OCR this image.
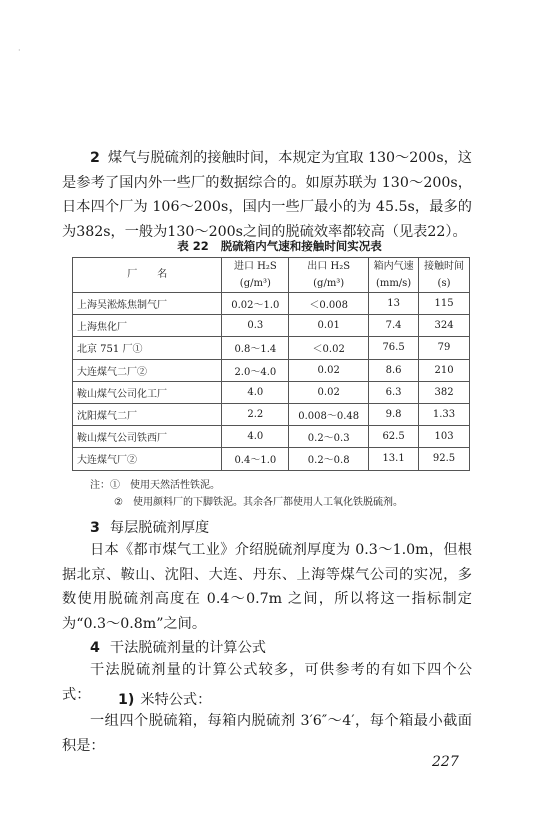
·

2 煤气与脱硫剂的接触时间，本规定为宜取 130～200s，这是参考了国内外一些厂的数据综合的。如原苏联为 130～200s，日本四个厂为 106～200s，国内一些厂最小的为 45.5s，最多的为382s，一般为130～200s之间的脱硫效率都较高（见表22）。

表 22 脱硫箱内气速和接触时间实况表
厂　　名	进口 H₂S	出口 H₂S	箱内气速	接触时间
	(g/m³)	(g/m³)	(mm/s)	(s)
上海吴淞炼焦制气厂	0.02～1.0	＜0.008	13	115
上海焦化厂	0.3	0.01	7.4	324
北京 751 厂①	0.8～1.4	＜0.02	76.5	79
大连煤气二厂②	2.0～4.0	0.02	8.6	210
鞍山煤气公司化工厂	4.0	0.02	6.3	382
沈阳煤气二厂	2.2	0.008～0.48	9.8	1.33
鞍山煤气公司铁西厂	4.0	0.2～0.3	62.5	103
大连煤气厂②	0.4～1.0	0.2～0.8	13.1	92.5
注：① 使用天然活性铁泥。
② 使用颜料厂的下脚铁泥。其余各厂都使用人工氧化铁脱硫剂。
3 每层脱硫剂厚度

日本《都市煤气工业》介绍脱硫剂厚度为 0.3～1.0m，但根据北京、鞍山、沈阳、大连、丹东、上海等煤气公司的实况，多数使用脱硫剂高度在 0.4～0.7m 之间，所以将这一指标制定为“0.3～0.8m”之间。

4 干法脱硫剂量的计算公式

干法脱硫剂量的计算公式较多，可供参考的有如下四个公式：	1) 米特公式：

一组四个脱硫箱，每箱内脱硫剂 3′6″～4′，每个箱最小截面积是：

227
